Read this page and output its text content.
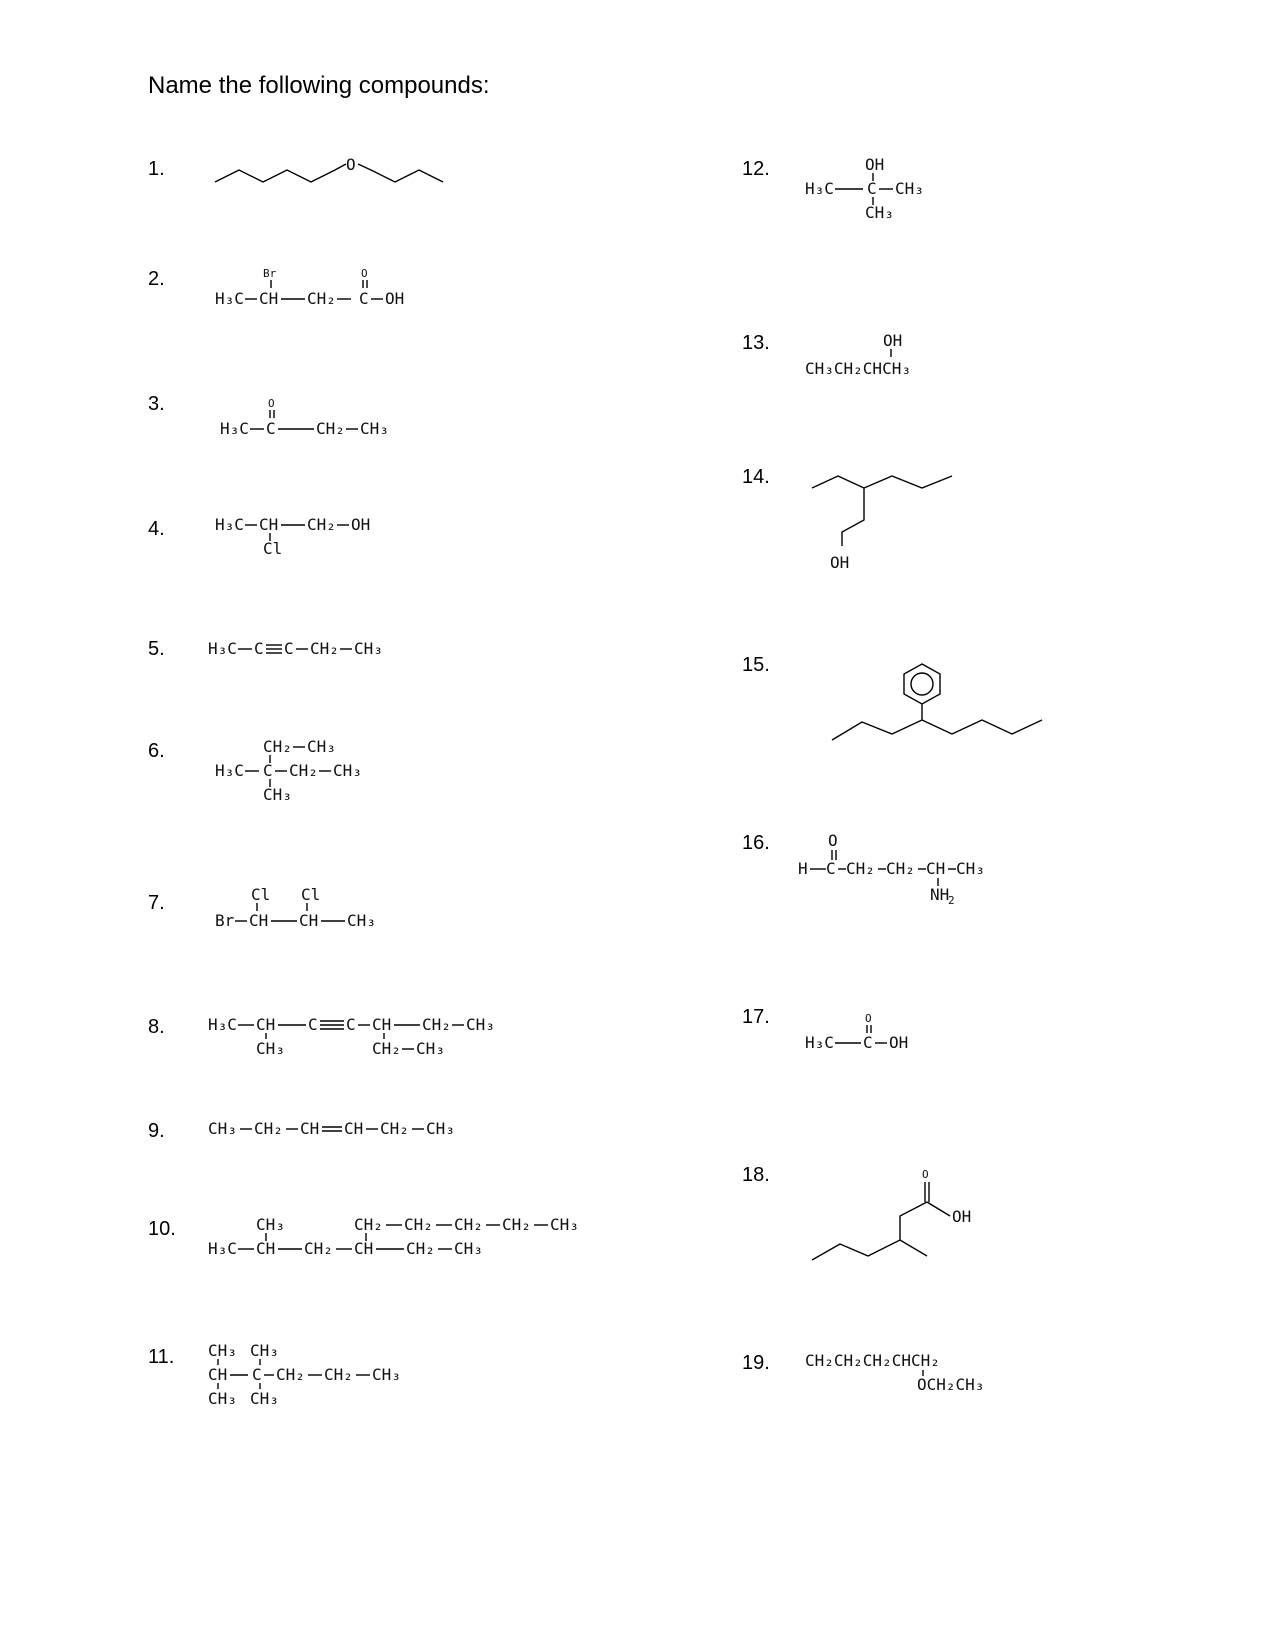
Name the following compounds:
1.
2.
3.
4.
5.
6.
7.
8.
9.
10.
11.
12.
13.
14.
15.
16.
17.
18.
19.
O
Br	O
H₃C CH CH₂ C OH
O
H₃C C	CH₂ CH₃
H₃C CH CH₂ OH
Cl
H₃C C C CH₂ CH₃
CH₂ CH₃
H₃C C CH₂ CH₃
CH₃
Cl Cl
Br CH CH CH₃
H₃C CH C C CH CH₂ CH₃
CH₃	CH₂ CH₃
CH₃ CH₂ CH CH CH₂ CH₃
CH₃	CH₂ CH₂ CH₂ CH₂ CH₃
H₃C CH CH₂ CH CH₂ CH₃
CH₃ CH₃
CH C CH₂ CH₂ CH₃
CH₃ CH₃
OH
H₃C C CH₃
CH₃
OH
CH₃CH₂CHCH₃
OH
O
H C CH₂ CH₂ CH CH₃
NH
2
O
H₃C C OH
O
OH
CH₂CH₂CH₂CHCH₂
OCH₂CH₃
